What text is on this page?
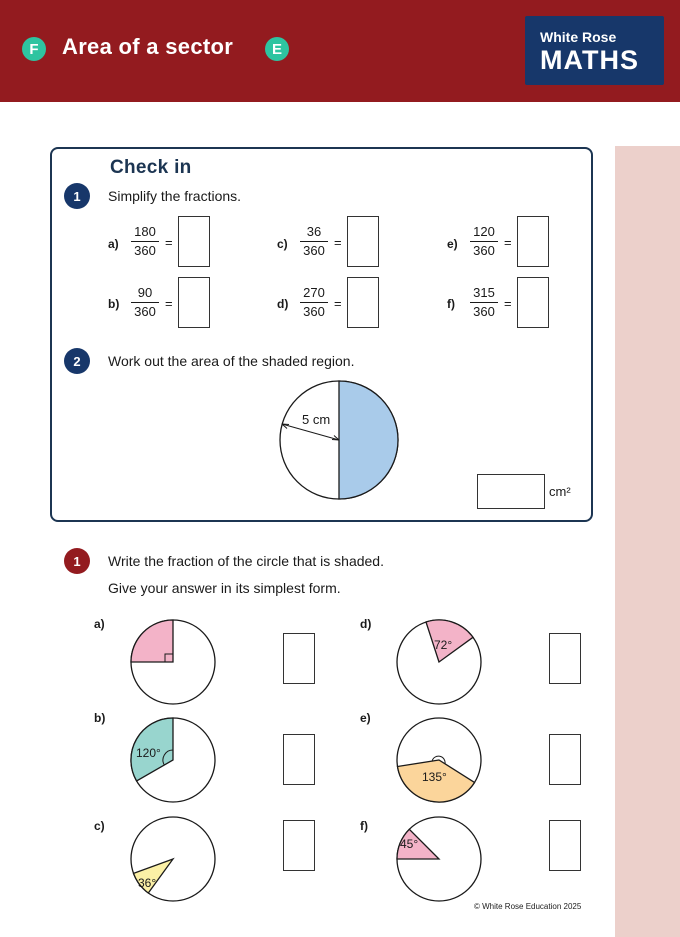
F	Area of a sector	E
White Rose
MATHS
Check in
1	Simplify the fractions.
a)
180
360
=
b)
90
360
=
c)
36
360
=
d)
270
360
=
e)
120
360
=
f)
315
360
=
2	Work out the area of the shaded region.
5 cm
cm²
1	Write the fraction of the circle that is shaded.
Give your answer in its simplest form.
a)
b)
120°
c)
36°
d)
72°
e)
135°
f)
45°
© White Rose Education 2025
